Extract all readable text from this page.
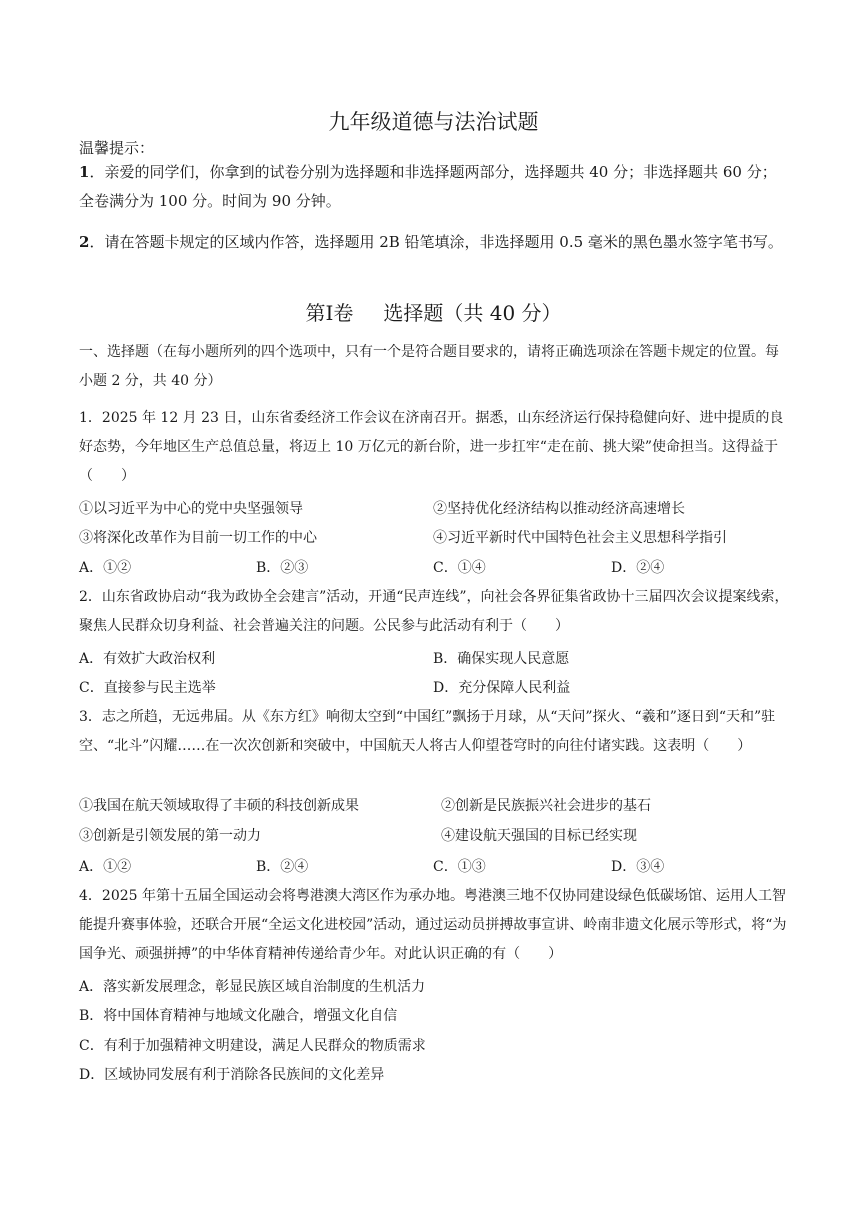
九年级道德与法治试题
温馨提示：
1．亲爱的同学们，你拿到的试卷分别为选择题和非选择题两部分，选择题共 40 分；非选择题共 60 分；全卷满分为 100 分。时间为 90 分钟。
2．请在答题卡规定的区域内作答，选择题用 2B 铅笔填涂，非选择题用 0.5 毫米的黑色墨水签字笔书写。
第Ⅰ卷 选择题（共 40 分）
一、选择题（在每小题所列的四个选项中，只有一个是符合题目要求的，请将正确选项涂在答题卡规定的位置。每小题 2 分，共 40 分）
1．2025 年 12 月 23 日，山东省委经济工作会议在济南召开。据悉，山东经济运行保持稳健向好、进中提质的良好态势，今年地区生产总值总量，将迈上 10 万亿元的新台阶，进一步扛牢“走在前、挑大梁”使命担当。这得益于（　　）
①以习近平为中心的党中央坚强领导	②坚持优化经济结构以推动经济高速增长
③将深化改革作为目前一切工作的中心	④习近平新时代中国特色社会主义思想科学指引
A．①②	B．②③	C．①④	D．②④
2．山东省政协启动“我为政协全会建言”活动，开通“民声连线”，向社会各界征集省政协十三届四次会议提案线索，聚焦人民群众切身利益、社会普遍关注的问题。公民参与此活动有利于（　　）
A．有效扩大政治权利	B．确保实现人民意愿
C．直接参与民主选举	D．充分保障人民利益
3．志之所趋，无远弗届。从《东方红》响彻太空到“中国红”飘扬于月球，从“天问”探火、“羲和”逐日到“天和”驻空、“北斗”闪耀……在一次次创新和突破中，中国航天人将古人仰望苍穹时的向往付诸实践。这表明（　　）
①我国在航天领域取得了丰硕的科技创新成果	②创新是民族振兴社会进步的基石
③创新是引领发展的第一动力	④建设航天强国的目标已经实现
A．①②	B．②④	C．①③	D．③④
4．2025 年第十五届全国运动会将粤港澳大湾区作为承办地。粤港澳三地不仅协同建设绿色低碳场馆、运用人工智能提升赛事体验，还联合开展“全运文化进校园”活动，通过运动员拼搏故事宣讲、岭南非遗文化展示等形式，将“为国争光、顽强拼搏”的中华体育精神传递给青少年。对此认识正确的有（　　）
A．落实新发展理念，彰显民族区域自治制度的生机活力
B．将中国体育精神与地域文化融合，增强文化自信
C．有利于加强精神文明建设，满足人民群众的物质需求
D．区域协同发展有利于消除各民族间的文化差异
